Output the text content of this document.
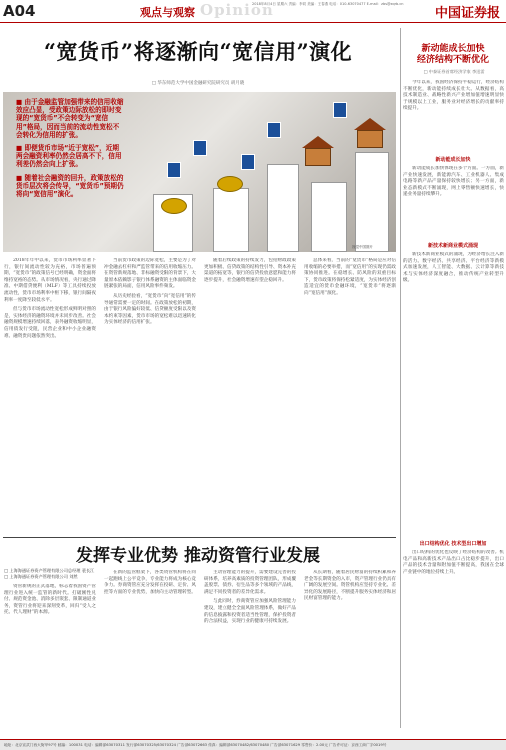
A04	观点与观察 Opinion
2018年8月4日 星期六 责编：李同 美编：王春燕 电话：010-63070477 E-mail：zbs@zqrb.cn
中国证券报
“宽货币”将逐渐向“宽信用”演化
□ 华东师范大学中国金融研究院研究员 胡月晓

■ 由于金融监管加强带来的信用收缩效应凸显，受政策边际放松的即时变现的“宽货币”不会转变为“宽信用”格局，因而当前的流动性宽松不会转化为信用的扩张。

■ 即便货币市场“近于宽松”，近期两会融资利率仍然会居高不下，信用利差仍然会向上扩张。

■ 随着社会融资的回升，政策放松的货币层次将会传导，“宽货币”预期仍将向“宽信用”演化。

视觉中国图片

2018年年中以来，货币市场利率显著下行，银行间流动性较为充裕，市场普遍预期，“宽货币”的政策信号已经明确，资金面将维持宽裕的态势。从市场情况看，央行通过降准、中期借贷便利（MLF）等工具持续投放流动性，货币市场利率中枢下移，银行间隔夜利率一度降至较低水平。

但与货币市场流动性宽松形成鲜明对照的是，实体经济的融资环境并未同步改善。社会融资规模增速持续回落，表外融资收缩明显，信用债发行受阻，民营企业和中小企业融资难、融资贵问题依然突出。

当前货币政策的边际宽松，主要是为了对冲金融去杠杆和严监管带来的信用收缩压力。在资管新规落地、非标融资受限的背景下，大量原本依赖影子银行体系融资的主体面临资金链紧张的局面，信用风险事件频发。

从历史经验看，“宽货币”向“宽信用”的传导通常需要一定的时间。在政策放松的初期，由于银行风险偏好较低、信贷额度受限以及资本约束等因素，货币市场的宽松难以迅速转化为实体经济的信用扩张。

随着后续政策的持续发力，包括财政政策更加积极、信贷政策的结构性引导、资本补充渠道的拓宽等，银行的信贷投放意愿和能力将逐步提升，社会融资增速有望企稳回升。

总体来看，当前的“宽货币”格局是应对信用收缩的必要举措，而“宽信用”的实现仍需政策协同推进。在稳增长、防风险的双重目标下，货币政策将保持松紧适度，为实体经济创造适宜的货币金融环境，“宽货币”将逐渐向“宽信用”演化。

新动能成长加快
经济结构不断优化
□ 中泰证券首席经济学家 李迅雷

今年以来，我国经济保持平稳运行，经济结构不断优化，新动能持续成长壮大。从数据看，高技术制造业、战略性新兴产业增加值增速明显快于规模以上工业，服务业对经济增长的贡献率持续提升。

新动能成长加快

新动能成长加快体现在多个方面。一方面，新产业快速发展，新能源汽车、工业机器人、集成电路等新产品产量保持较快增长；另一方面，新业态新模式不断涌现，网上零售额快速增长，快递业务量持续攀升。

新技术新商业模式涌现

新技术新商业模式的涌现，为经济增长注入新的活力。数字经济、共享经济、平台经济等新模式加速发展，人工智能、大数据、云计算等新技术与实体经济深度融合，推动传统产业转型升级。

出口结构优化 技术型出口增加

出口结构的优化也反映了经济结构的改善。机电产品和高新技术产品出口占比稳步提升，出口产品的技术含量和附加值不断提高，我国在全球产业链中的地位持续上升。

发挥专业优势 推动资管行业发展
□ 上海海通证券资产管理有限公司总经理 裴长江
□ 上海海通证券资产管理有限公司 刘然

资管新规的正式落地，标志着我国资产管理行业进入统一监管的新时代。打破刚性兑付、规范资金池、消除多层嵌套、限制通道业务，资管行业将迎来深刻变革，回归“受人之托、代人理财”的本源。

在新的监管框架下，各类资管机构将在同一起跑线上公平竞争，专业能力将成为核心竞争力。券商资管应充分发挥在投研、定价、风控等方面的专业优势，加快向主动管理转型。

主动管理能力的提升，需要建设完善的投研体系，培养高素质的投资管理团队，形成覆盖股票、债券、衍生品等多个领域的产品线，满足不同投资者的差异化需求。

与此同时，券商资管应加强风险管理能力建设，建立健全全面风险管理体系，做好产品的信息披露和投资者适当性管理，保护投资者的合法权益，实现行业的健康可持续发展。

从长期看，随着居民财富的持续积累和养老金等长期资金的入市，资产管理行业仍具有广阔的发展空间。资管机构应坚持专业化、差异化的发展路径，不断提升服务实体经济和居民财富管理的能力。

地址：北京宣武门西大街甲97号 邮编：100031 电话：编辑部63070311 发行部63070325/63070324 广告部63072663 传真：编辑部63070482/63070480 广告部63071629 零售价：2.00元 广告许可证：京西工商广字0019号
